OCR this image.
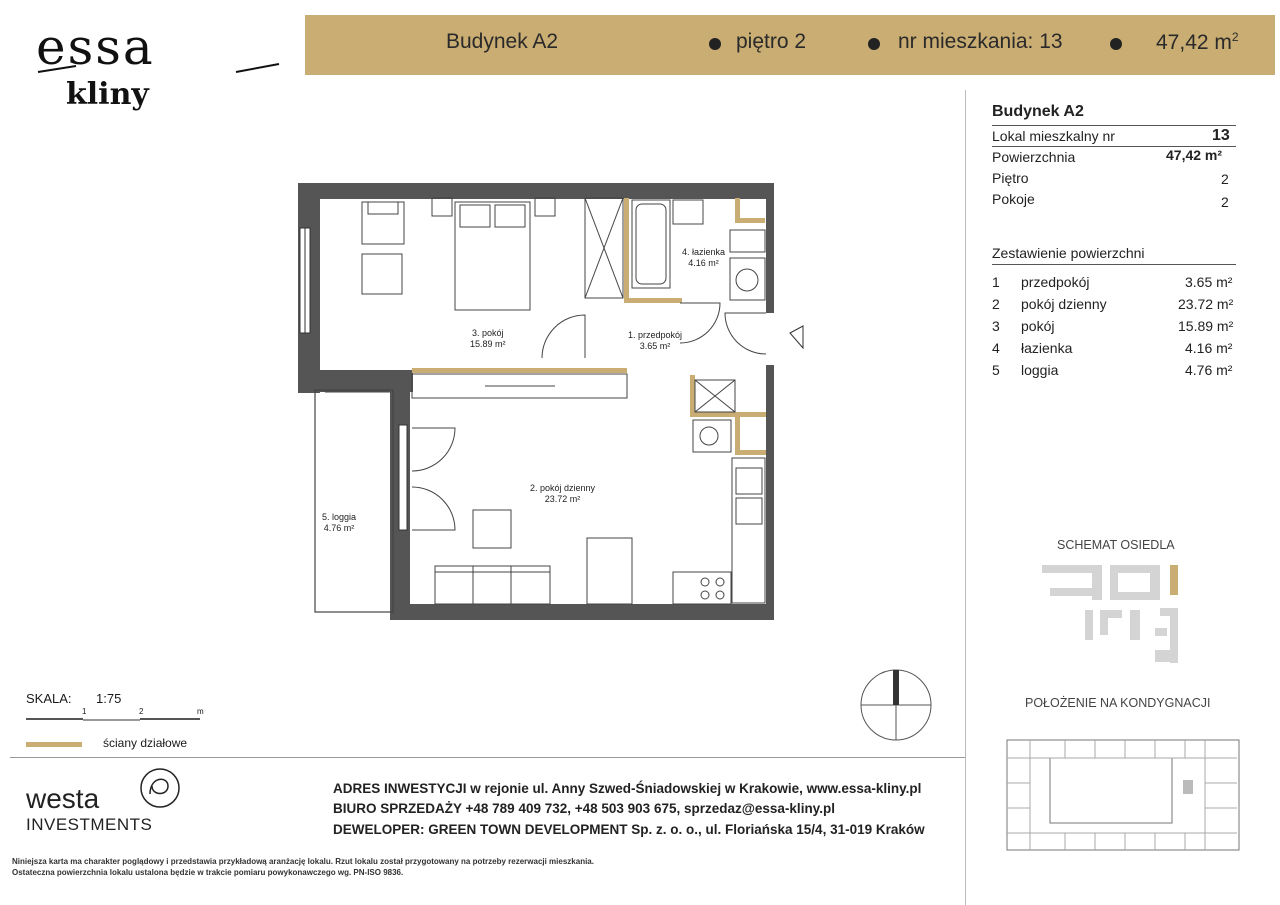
Budynek A2	piętro 2	nr mieszkania: 13	47,42 $m^2$
essa
kliny
3. pokój
15.89 m²
1. przedpokój
3.65 m²
4. łazienka
4.16 m²
2. pokój dzienny
23.72 m²
5. loggia
4.76 m²
SKALA: 1:75
1	2	m
ściany działowe
Budynek A2
Lokal mieszkalny nr	13
Powierzchnia	47,42 m²
Piętro	2
Pokoje	2
Zestawienie powierzchni
1 przedpokój	3.65 m²
2 pokój dzienny	23.72 m²
3 pokój	15.89 m²
4 łazienka	4.16 m²
5 loggia	4.76 m²
SCHEMAT OSIEDLA
POŁOŻENIE NA KONDYGNACJI
westa
INVESTMENTS
ADRES INWESTYCJI w rejonie ul. Anny Szwed-Śniadowskiej w Krakowie, www.essa-kliny.pl
BIURO SPRZEDAŻY +48 789 409 732, +48 503 903 675, sprzedaz@essa-kliny.pl
DEWELOPER: GREEN TOWN DEVELOPMENT Sp. z. o. o., ul. Floriańska 15/4, 31-019 Kraków
Niniejsza karta ma charakter poglądowy i przedstawia przykładową aranżację lokalu. Rzut lokalu został przygotowany na potrzeby rezerwacji mieszkania.
Ostateczna powierzchnia lokalu ustalona będzie w trakcie pomiaru powykonawczego wg. PN-ISO 9836.
